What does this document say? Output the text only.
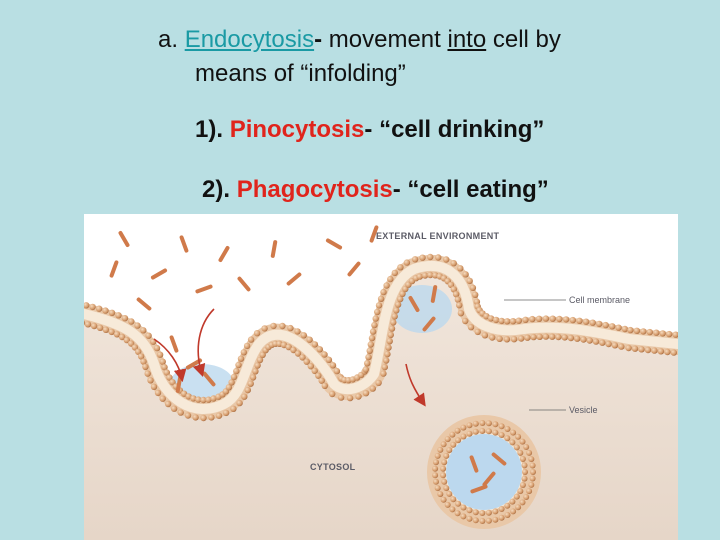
a. Endocytosis- movement into cell by
means of “infolding”
1). Pinocytosis- “cell drinking”
2). Phagocytosis- “cell eating”
EXTERNAL ENVIRONMENT
CYTOSOL
Cell membrane
Vesicle
